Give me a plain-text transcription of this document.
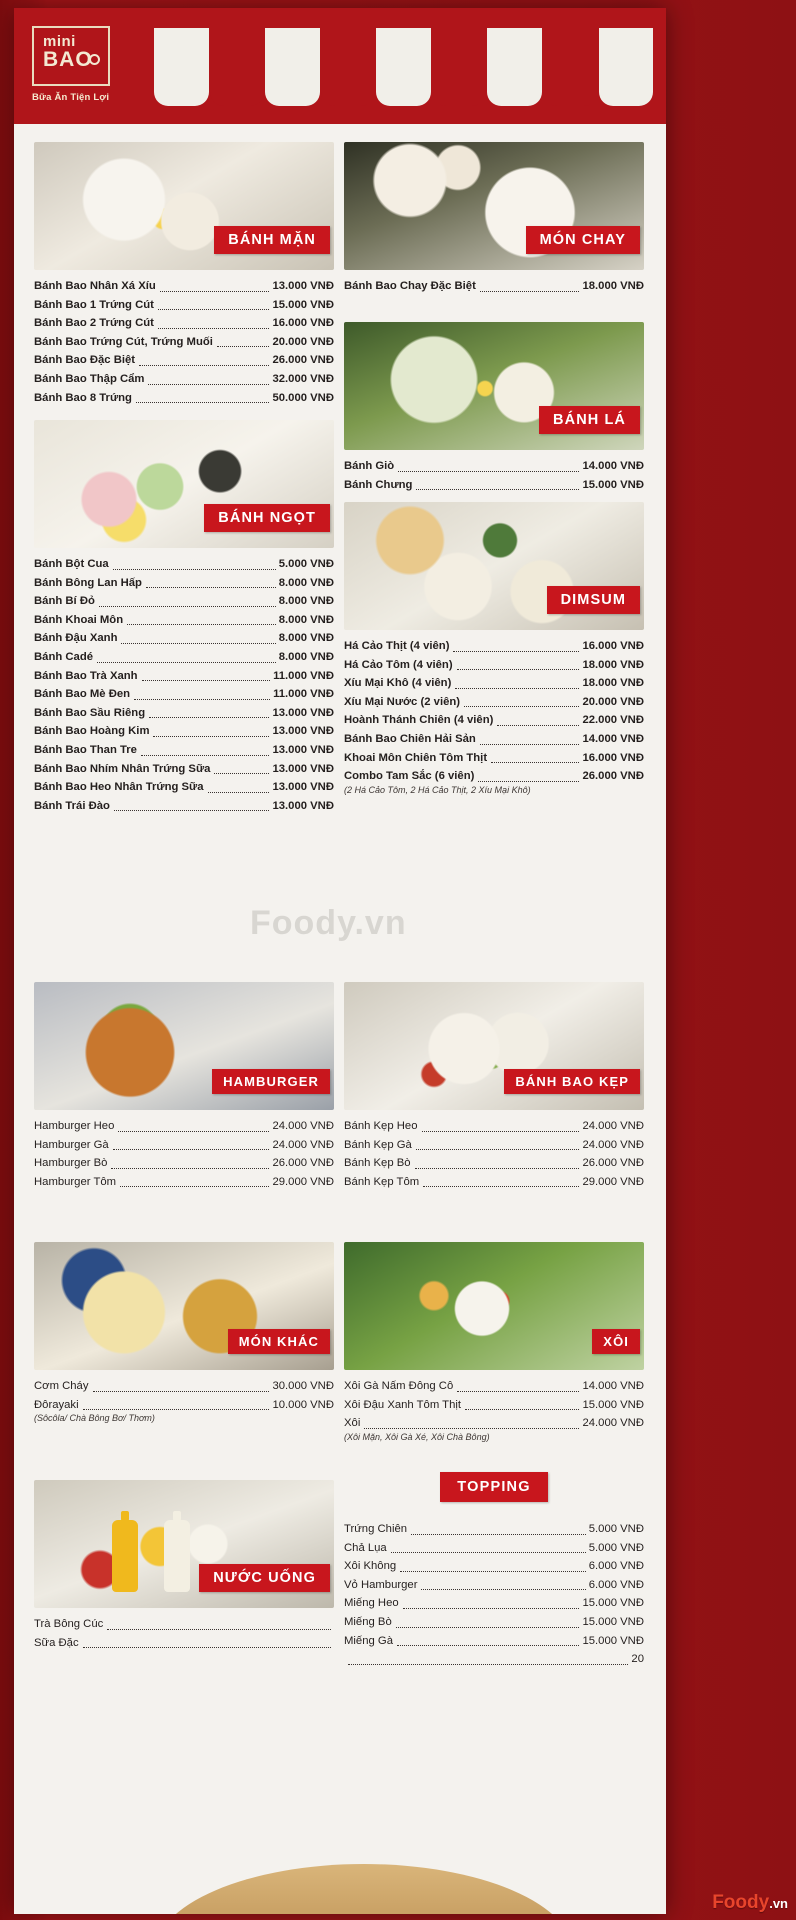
mini
BAO
Bữa Ăn Tiện Lợi
BÁNH MẶN
Bánh Bao Nhân Xá Xíu	13.000 VNĐ
Bánh Bao 1 Trứng Cút	15.000 VNĐ
Bánh Bao 2 Trứng Cút	16.000 VNĐ
Bánh Bao Trứng Cút, Trứng Muối	20.000 VNĐ
Bánh Bao Đặc Biệt	26.000 VNĐ
Bánh Bao Thập Cẩm	32.000 VNĐ
Bánh Bao 8 Trứng	50.000 VNĐ
MÓN CHAY
Bánh Bao Chay Đặc Biệt	18.000 VNĐ
BÁNH LÁ
Bánh Giò	14.000 VNĐ
Bánh Chưng	15.000 VNĐ
BÁNH NGỌT
Bánh Bột Cua	5.000 VNĐ
Bánh Bông Lan Hấp	8.000 VNĐ
Bánh Bí Đỏ	8.000 VNĐ
Bánh Khoai Môn	8.000 VNĐ
Bánh Đậu Xanh	8.000 VNĐ
Bánh Cadé	8.000 VNĐ
Bánh Bao Trà Xanh	11.000 VNĐ
Bánh Bao Mè Đen	11.000 VNĐ
Bánh Bao Sầu Riêng	13.000 VNĐ
Bánh Bao Hoàng Kim	13.000 VNĐ
Bánh Bao Than Tre	13.000 VNĐ
Bánh Bao Nhím Nhân Trứng Sữa	13.000 VNĐ
Bánh Bao Heo Nhân Trứng Sữa	13.000 VNĐ
Bánh Trái Đào	13.000 VNĐ
DIMSUM
Há Cảo Thịt (4 viên)	16.000 VNĐ
Há Cảo Tôm (4 viên)	18.000 VNĐ
Xíu Mại Khô (4 viên)	18.000 VNĐ
Xíu Mại Nước (2 viên)	20.000 VNĐ
Hoành Thánh Chiên (4 viên)	22.000 VNĐ
Bánh Bao Chiên Hải Sản	14.000 VNĐ
Khoai Môn Chiên Tôm Thịt	16.000 VNĐ
Combo Tam Sắc (6 viên)	26.000 VNĐ
(2 Há Cảo Tôm, 2 Há Cảo Thịt, 2 Xíu Mại Khô)
HAMBURGER
Hamburger Heo	24.000 VNĐ
Hamburger Gà	24.000 VNĐ
Hamburger Bò	26.000 VNĐ
Hamburger Tôm	29.000 VNĐ
BÁNH BAO KẸP
Bánh Kẹp Heo	24.000 VNĐ
Bánh Kẹp Gà	24.000 VNĐ
Bánh Kẹp Bò	26.000 VNĐ
Bánh Kẹp Tôm	29.000 VNĐ
MÓN KHÁC
Cơm Cháy	30.000 VNĐ
Đôrayaki	10.000 VNĐ
(Sôcôla/ Chà Bông Bơ/ Thơm)
XÔI
Xôi Gà Nấm Đông Cô	14.000 VNĐ
Xôi Đậu Xanh Tôm Thịt	15.000 VNĐ
Xôi	24.000 VNĐ
(Xôi Mặn, Xôi Gà Xé, Xôi Chà Bông)
NƯỚC UỐNG
Trà Bông Cúc
Sữa Đặc
TOPPING
Trứng Chiên	5.000 VNĐ
Chả Lụa	5.000 VNĐ
Xôi Không	6.000 VNĐ
Vỏ Hamburger	6.000 VNĐ
Miếng Heo	15.000 VNĐ
Miếng Bò	15.000 VNĐ
Miếng Gà	15.000 VNĐ
20
Foody.vn
Foody.vn
